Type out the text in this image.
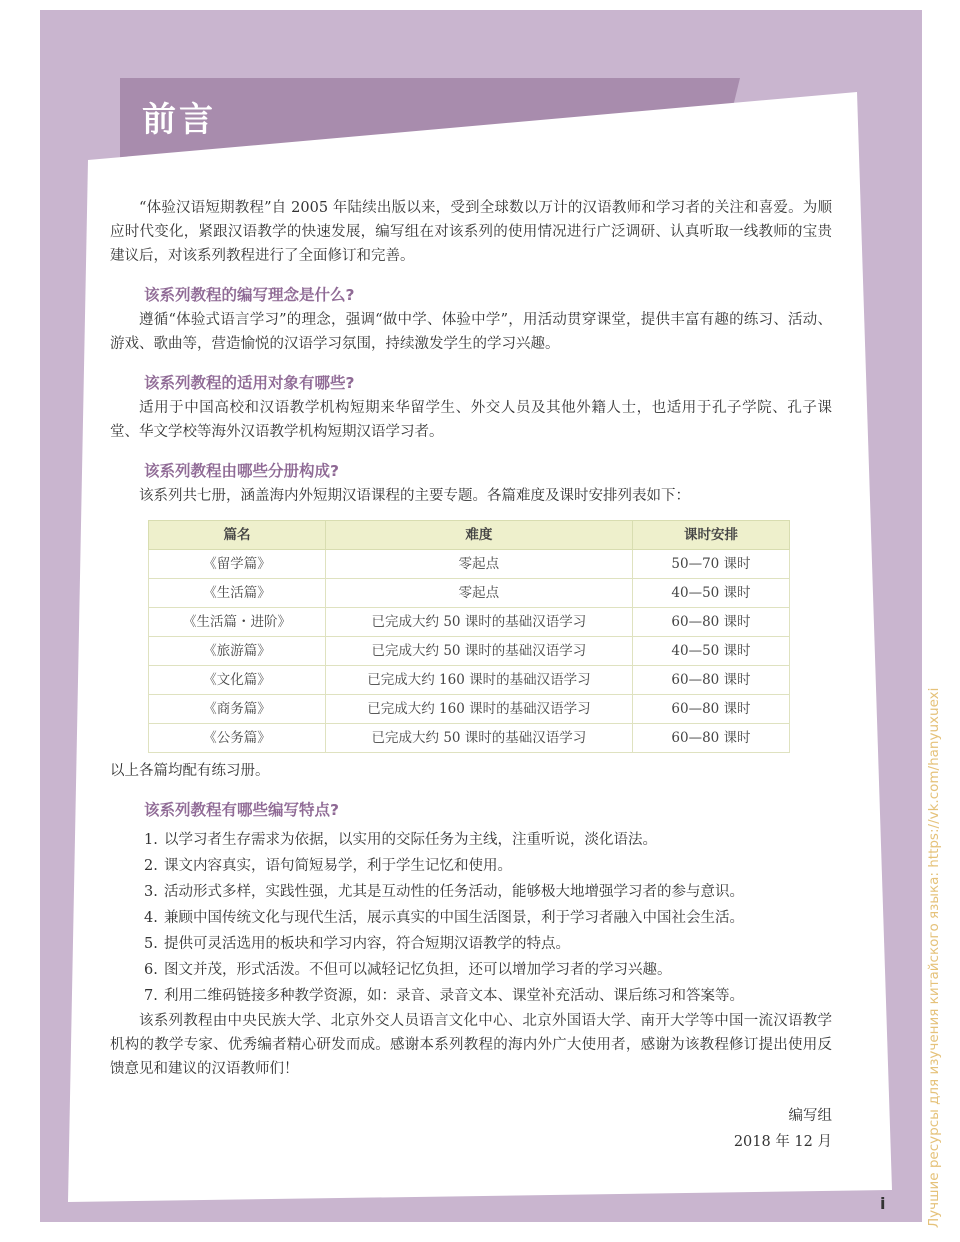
前言

“体验汉语短期教程”自 2005 年陆续出版以来，受到全球数以万计的汉语教师和学习者的关注和喜爱。为顺应时代变化，紧跟汉语教学的快速发展，编写组在对该系列的使用情况进行广泛调研、认真听取一线教师的宝贵建议后，对该系列教程进行了全面修订和完善。

该系列教程的编写理念是什么?

遵循“体验式语言学习”的理念，强调“做中学、体验中学”，用活动贯穿课堂，提供丰富有趣的练习、活动、游戏、歌曲等，营造愉悦的汉语学习氛围，持续激发学生的学习兴趣。

该系列教程的适用对象有哪些?

适用于中国高校和汉语教学机构短期来华留学生、外交人员及其他外籍人士，也适用于孔子学院、孔子课堂、华文学校等海外汉语教学机构短期汉语学习者。

该系列教程由哪些分册构成?

该系列共七册，涵盖海内外短期汉语课程的主要专题。各篇难度及课时安排列表如下：

篇名	难度	课时安排
《留学篇》	零起点	50—70 课时
《生活篇》	零起点	40—50 课时
《生活篇・进阶》	已完成大约 50 课时的基础汉语学习	60—80 课时
《旅游篇》	已完成大约 50 课时的基础汉语学习	40—50 课时
《文化篇》	已完成大约 160 课时的基础汉语学习	60—80 课时
《商务篇》	已完成大约 160 课时的基础汉语学习	60—80 课时
《公务篇》	已完成大约 50 课时的基础汉语学习	60—80 课时

以上各篇均配有练习册。

该系列教程有哪些编写特点?
1. 以学习者生存需求为依据，以实用的交际任务为主线，注重听说，淡化语法。
2. 课文内容真实，语句简短易学，利于学生记忆和使用。
3. 活动形式多样，实践性强，尤其是互动性的任务活动，能够极大地增强学习者的参与意识。
4. 兼顾中国传统文化与现代生活，展示真实的中国生活图景，利于学习者融入中国社会生活。
5. 提供可灵活选用的板块和学习内容，符合短期汉语教学的特点。
6. 图文并茂，形式活泼。不但可以减轻记忆负担，还可以增加学习者的学习兴趣。
7. 利用二维码链接多种教学资源，如：录音、录音文本、课堂补充活动、课后练习和答案等。

该系列教程由中央民族大学、北京外交人员语言文化中心、北京外国语大学、南开大学等中国一流汉语教学机构的教学专家、优秀编者精心研发而成。感谢本系列教程的海内外广大使用者，感谢为该教程修订提出使用反馈意见和建议的汉语教师们！

编写组
2018 年 12 月
i	Лучшие ресурсы для изучения китайского языка: https://vk.com/hanyuxuexi
